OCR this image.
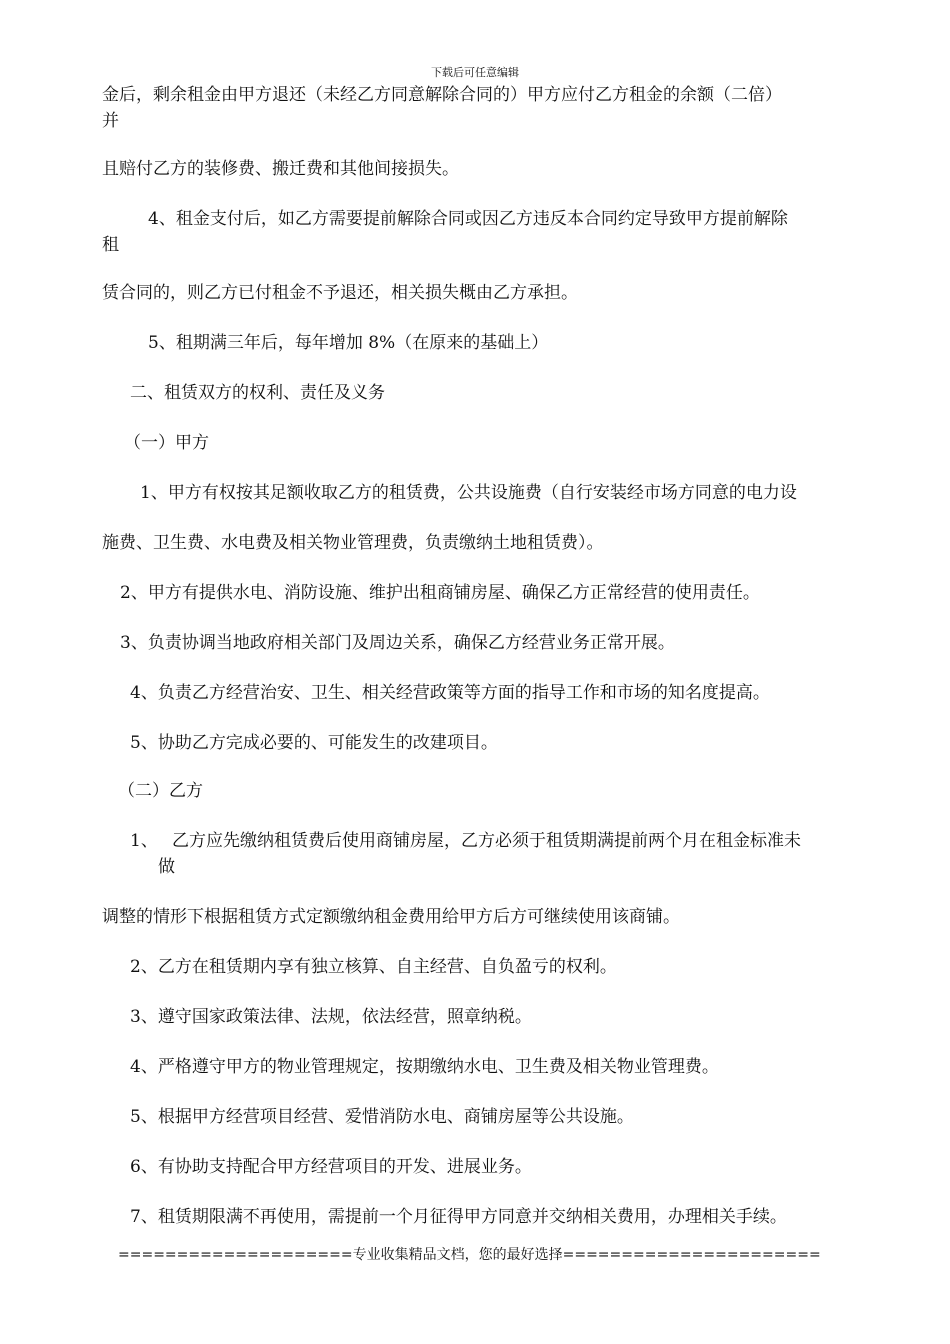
下载后可任意编辑
金后，剩余租金由甲方退还（未经乙方同意解除合同的）甲方应付乙方租金的余额（二倍）
并
且赔付乙方的装修费、搬迁费和其他间接损失。
4、租金支付后，如乙方需要提前解除合同或因乙方违反本合同约定导致甲方提前解除
租
赁合同的，则乙方已付租金不予退还，相关损失概由乙方承担。
5、租期满三年后，每年增加 8%（在原来的基础上）
二、租赁双方的权利、责任及义务
（一）甲方
1、甲方有权按其足额收取乙方的租赁费，公共设施费（自行安装经市场方同意的电力设
施费、卫生费、水电费及相关物业管理费，负责缴纳土地租赁费）。
2、甲方有提供水电、消防设施、维护出租商铺房屋、确保乙方正常经营的使用责任。
3、负责协调当地政府相关部门及周边关系，确保乙方经营业务正常开展。
4、负责乙方经营治安、卫生、相关经营政策等方面的指导工作和市场的知名度提高。
5、协助乙方完成必要的、可能发生的改建项目。
（二）乙方
1、 乙方应先缴纳租赁费后使用商铺房屋，乙方必须于租赁期满提前两个月在租金标准未
做
调整的情形下根据租赁方式定额缴纳租金费用给甲方后方可继续使用该商铺。
2、乙方在租赁期内享有独立核算、自主经营、自负盈亏的权利。
3、遵守国家政策法律、法规，依法经营，照章纳税。
4、严格遵守甲方的物业管理规定，按期缴纳水电、卫生费及相关物业管理费。
5、根据甲方经营项目经营、爱惜消防水电、商铺房屋等公共设施。
6、有协助支持配合甲方经营项目的开发、进展业务。
7、租赁期限满不再使用，需提前一个月征得甲方同意并交纳相关费用，办理相关手续。
====================专业收集精品文档，您的最好选择======================
